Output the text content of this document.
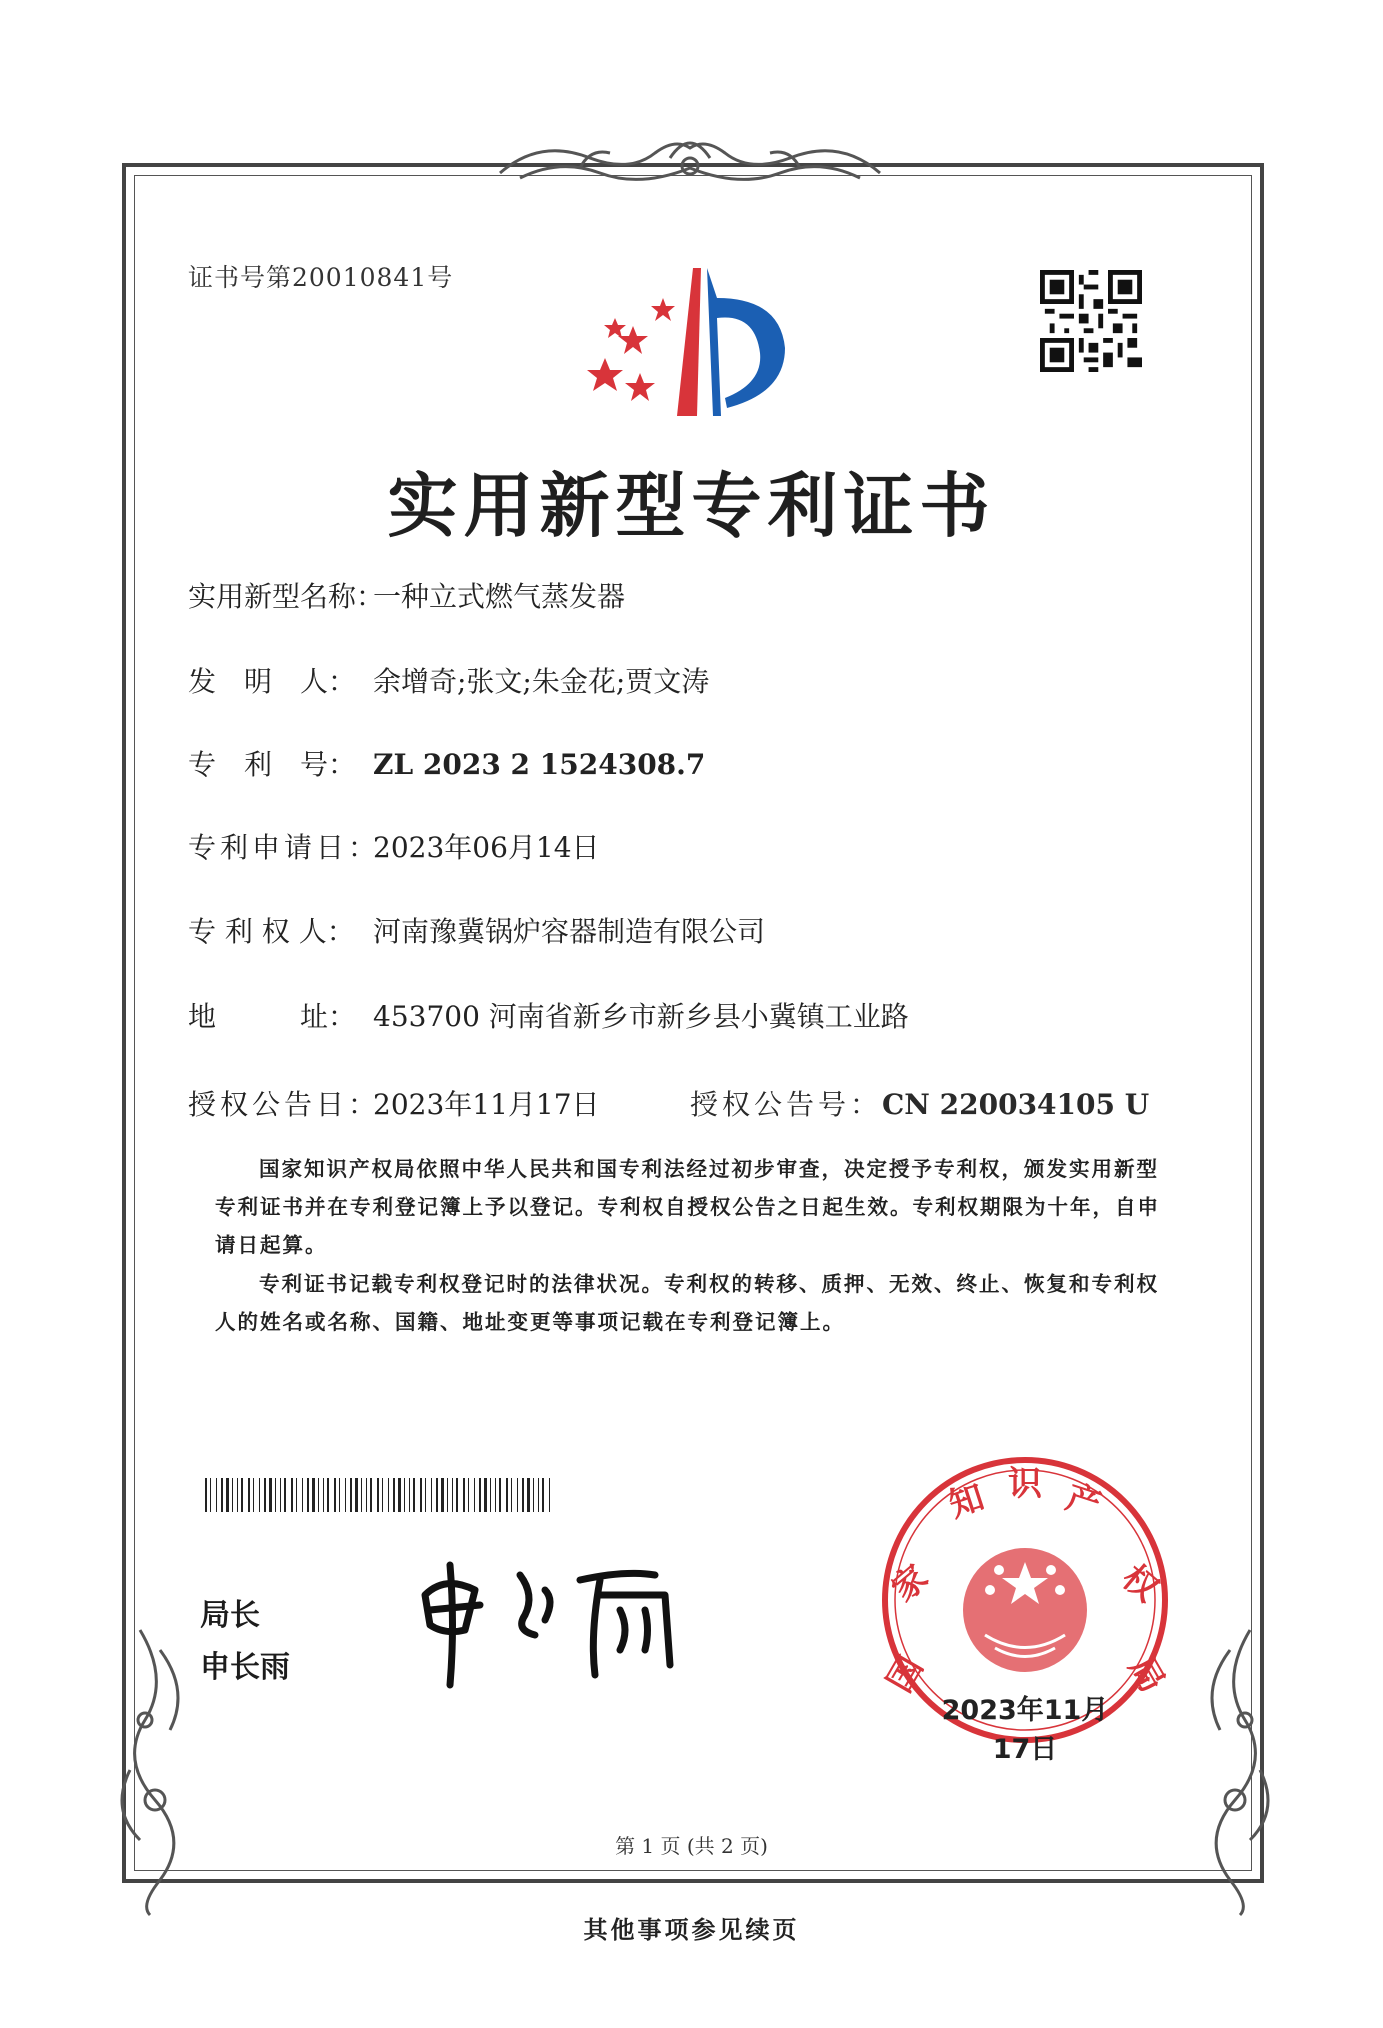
证书号第20010841号
实用新型专利证书
实用新型名称：一种立式燃气蒸发器
发　明　人： 余增奇;张文;朱金花;贾文涛
专　利　号： ZL 2023 2 1524308.7
专利申请日：2023年06月14日
专 利 权 人： 河南豫冀锅炉容器制造有限公司
地　　　址： 453700 河南省新乡市新乡县小冀镇工业路
授权公告日：2023年11月17日	授权公告号：CN 220034105 U
国家知识产权局依照中华人民共和国专利法经过初步审查，决定授予专利权，颁发实用新型专利证书并在专利登记簿上予以登记。专利权自授权公告之日起生效。专利权期限为十年，自申请日起算。
专利证书记载专利权登记时的法律状况。专利权的转移、质押、无效、终止、恢复和专利权人的姓名或名称、国籍、地址变更等事项记载在专利登记簿上。
局长
申长雨	国
家
知 识 产
权
局
2023年11月17日
第 1 页 (共 2 页)
其他事项参见续页
